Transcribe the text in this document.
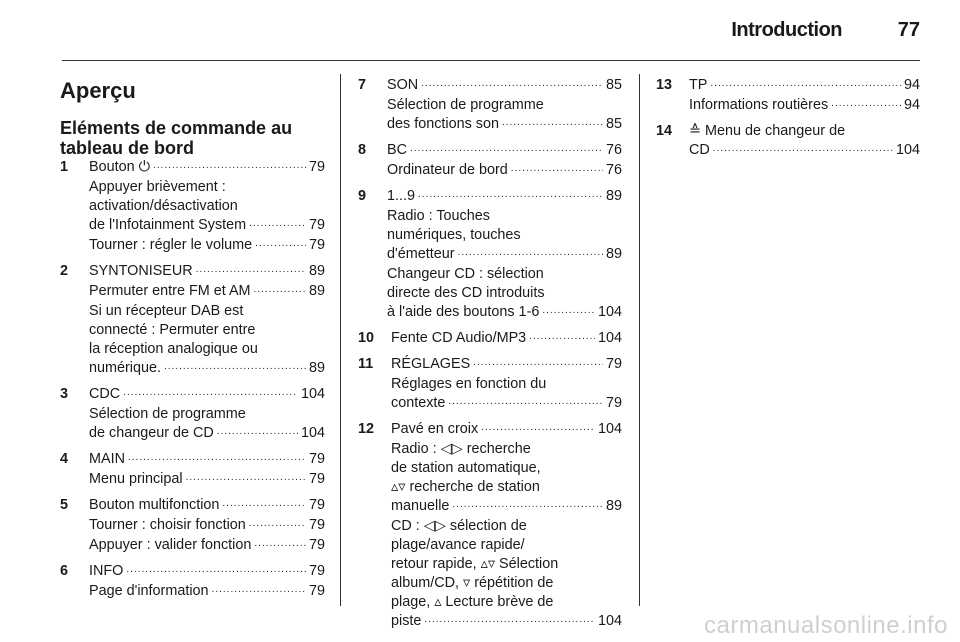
Introduction	77
Aperçu
Eléments de commande au tableau de bord
1 Bouton ⏻ .....	79
Appuyer brièvement :
activation/désactivation
de l'Infotainment System .....	79
Tourner : régler le volume .....	79
2 SYNTONISEUR .....	89
Permuter entre FM et AM .....	89
Si un récepteur DAB est
connecté : Permuter entre
la réception analogique ou
numérique. .....	89
3 CDC .....	104
Sélection de programme
de changeur de CD .....	104
4 MAIN .....	79
Menu principal .....	79
5 Bouton multifonction .....	79
Tourner : choisir fonction .....	79
Appuyer : valider fonction .....	79
6 INFO .....	79
Page d'information .....	79
7 SON .....	85
Sélection de programme
des fonctions son .....	85
8 BC .....	76
Ordinateur de bord .....	76
9 1...9 .....	89
Radio : Touches
numériques, touches
d'émetteur .....	89
Changeur CD : sélection
directe des CD introduits
à l'aide des boutons 1-6 .....	104
10 Fente CD Audio/MP3 .....	104
11 RÉGLAGES .....	79
Réglages en fonction du
contexte .....	79
12 Pavé en croix .....	104
Radio : ◁▷ recherche
de station automatique,
▵▿ recherche de station
manuelle .....	89
CD : ◁▷ sélection de
plage/avance rapide/
retour rapide, ▵▿ Sélection
album/CD, ▿ répétition de
plage, ▵ Lecture brève de
piste .....	104
13 TP .....	94
Informations routières .....	94
14 ≙ Menu de changeur de
CD .....	104
carmanualsonline.info
